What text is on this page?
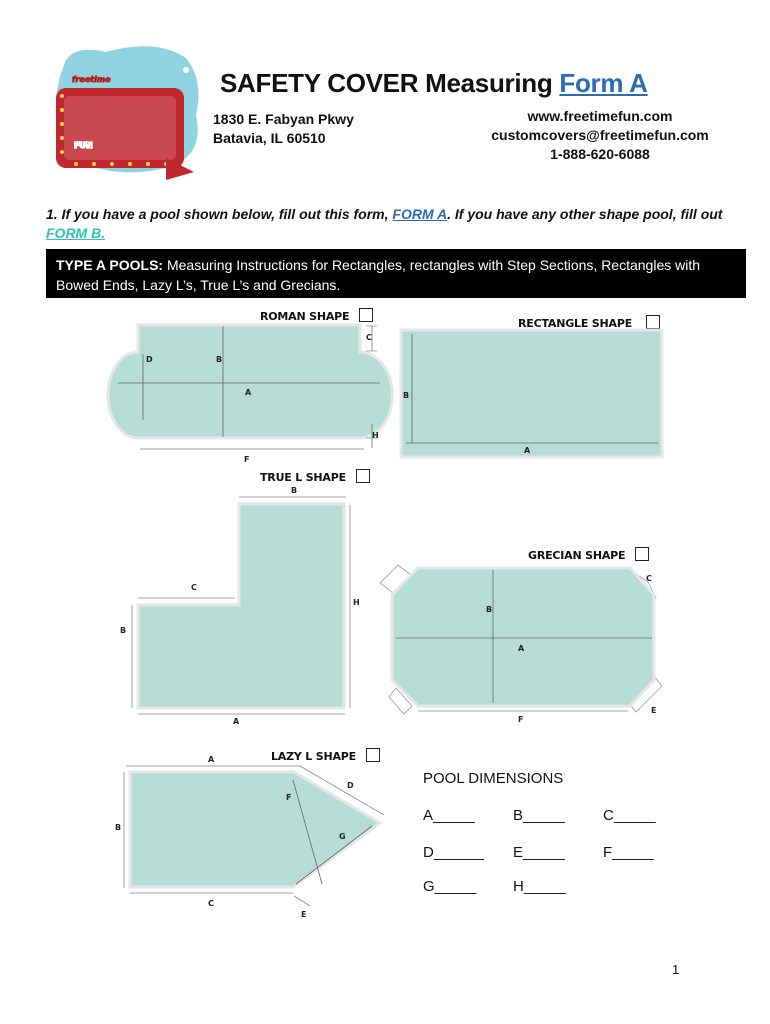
freetime
FUN
SAFETY COVER Measuring Form A
1830 E. Fabyan Pkwy
Batavia, IL 60510
www.freetimefun.com
customcovers@freetimefun.com
1-888-620-6088
1. If you have a pool shown below, fill out this form, FORM A. If you have any other shape pool, fill out FORM B.
TYPE A POOLS: Measuring Instructions for Rectangles, rectangles with Step Sections, Rectangles with Bowed Ends, Lazy L’s, True L’s and Grecians.
ROMAN SHAPE
RECTANGLE SHAPE
TRUE L SHAPE
GRECIAN SHAPE
LAZY L SHAPE
C
D	B
A
H
F
B
A
B
C
H
B
A
C
B
A
F
E
A
D
F
B
G
C
E
POOL DIMENSIONS
A_____	B_____	C_____
D______ E_____	F_____
G_____ H_____
1
